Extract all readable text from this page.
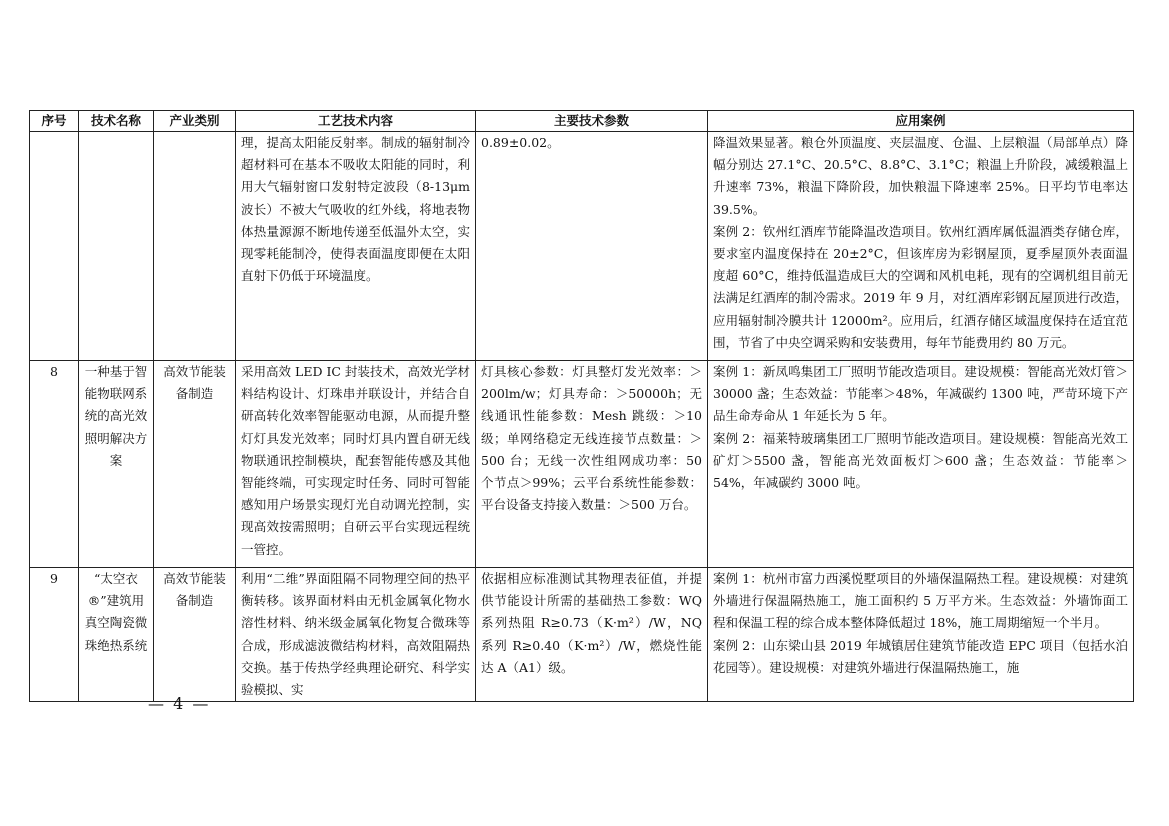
序号	技术名称	产业类别	工艺技术内容	主要技术参数	应用案例
			理，提高太阳能反射率。制成的辐射制冷超材料可在基本不吸收太阳能的同时，利用大气辐射窗口发射特定波段（8-13μm 波长）不被大气吸收的红外线，将地表物体热量源源不断地传递至低温外太空，实现零耗能制冷，使得表面温度即便在太阳直射下仍低于环境温度。	0.89±0.02。	降温效果显著。粮仓外顶温度、夹层温度、仓温、上层粮温（局部单点）降幅分别达 27.1°C、20.5°C、8.8°C、3.1°C；粮温上升阶段，减缓粮温上升速率 73%，粮温下降阶段，加快粮温下降速率 25%。日平均节电率达 39.5%。
案例 2：钦州红酒库节能降温改造项目。钦州红酒库属低温酒类存储仓库，要求室内温度保持在 20±2°C，但该库房为彩钢屋顶，夏季屋顶外表面温度超 60°C，维持低温造成巨大的空调和风机电耗，现有的空调机组目前无法满足红酒库的制冷需求。2019 年 9 月，对红酒库彩钢瓦屋顶进行改造，应用辐射制冷膜共计 12000m²。应用后，红酒存储区域温度保持在适宜范围，节省了中央空调采购和安装费用，每年节能费用约 80 万元。

8	一种基于智能物联网系统的高光效照明解决方案	高效节能装备制造	采用高效 LED IC 封装技术，高效光学材料结构设计、灯珠串并联设计，并结合自研高转化效率智能驱动电源，从而提升整灯灯具发光效率；同时灯具内置自研无线物联通讯控制模块，配套智能传感及其他智能终端，可实现定时任务、同时可智能感知用户场景实现灯光自动调光控制，实现高效按需照明；自研云平台实现远程统一管控。	灯具核心参数：灯具整灯发光效率：＞200lm/w；灯具寿命：＞50000h；无线通讯性能参数：Mesh 跳级：＞10 级；单网络稳定无线连接节点数量：＞500 台；无线一次性组网成功率：50 个节点＞99%；云平台系统性能参数：平台设备支持接入数量：＞500 万台。	案例 1：新凤鸣集团工厂照明节能改造项目。建设规模：智能高光效灯管＞30000 盏；生态效益：节能率＞48%，年减碳约 1300 吨，严苛环境下产品生命寿命从 1 年延长为 5 年。
案例 2：福莱特玻璃集团工厂照明节能改造项目。建设规模：智能高光效工矿灯＞5500 盏，智能高光效面板灯＞600 盏；生态效益：节能率＞54%，年减碳约 3000 吨。

9	“太空衣®”建筑用真空陶瓷微珠绝热系统	高效节能装备制造	利用“二维”界面阻隔不同物理空间的热平衡转移。该界面材料由无机金属氧化物水溶性材料、纳米级金属氧化物复合微珠等合成，形成滤波微结构材料，高效阻隔热交换。基于传热学经典理论研究、科学实验模拟、实	依据相应标准测试其物理表征值，并提供节能设计所需的基础热工参数：WQ 系列热阻 R≥0.73（K·m²）/W，NQ 系列 R≥0.40（K·m²）/W，燃烧性能达 A（A1）级。	案例 1：杭州市富力西溪悦墅项目的外墙保温隔热工程。建设规模：对建筑外墙进行保温隔热施工，施工面积约 5 万平方米。生态效益：外墙饰面工程和保温工程的综合成本整体降低超过 18%，施工周期缩短一个半月。
案例 2：山东梁山县 2019 年城镇居住建筑节能改造 EPC 项目（包括水泊花园等）。建设规模：对建筑外墙进行保温隔热施工，施
— 4 —
